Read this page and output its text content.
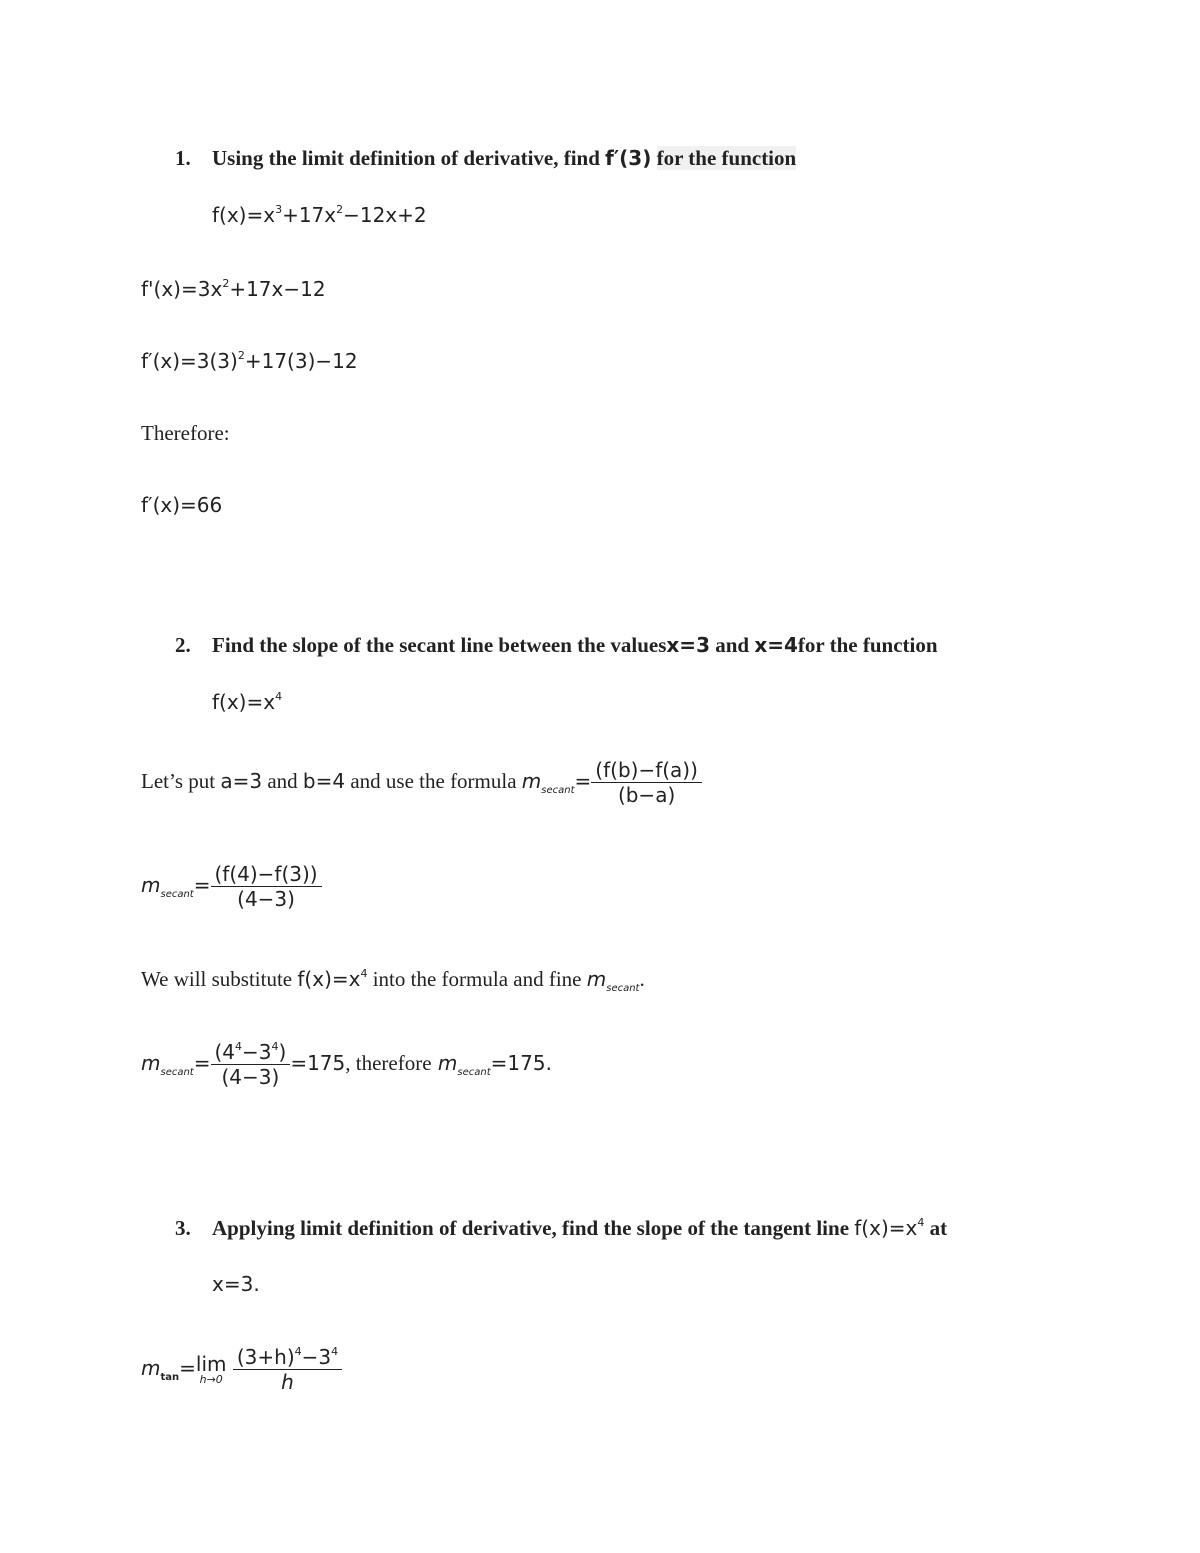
1. Using the limit definition of derivative, find f′(3) for the function
$f(x)=x^3+17x^2-12x+2$
$f'(x)=3x^2+17x-12$
$f'(x)=3(3)^2+17(3)-12$
Therefore:
f′(x)=66
2. Find the slope of the secant line between the valuesx=3 and x=4for the function
$f(x)=x^4$
Let’s put a=3 and b=4 and use the formula $m_{secant}= \frac{(f(b)-f(a))}{(b-a)}$
$m_{secant}= \frac{(f(4)-f(3))}{(4-3)}$
We will substitute $f(x)=x^4$ into the formula and fine $m_{secant}$.
$m_{secant}= \frac{(4^4-3^4)}{(4-3)} =175$, therefore $m_{secant}=175$.
3. Applying limit definition of derivative, find the slope of the tangent line $f(x)=x^4$ at
x=3.
$m_{tan}=\lim$
h→0
$\frac{(3+h)^4-3^4}{h}$
